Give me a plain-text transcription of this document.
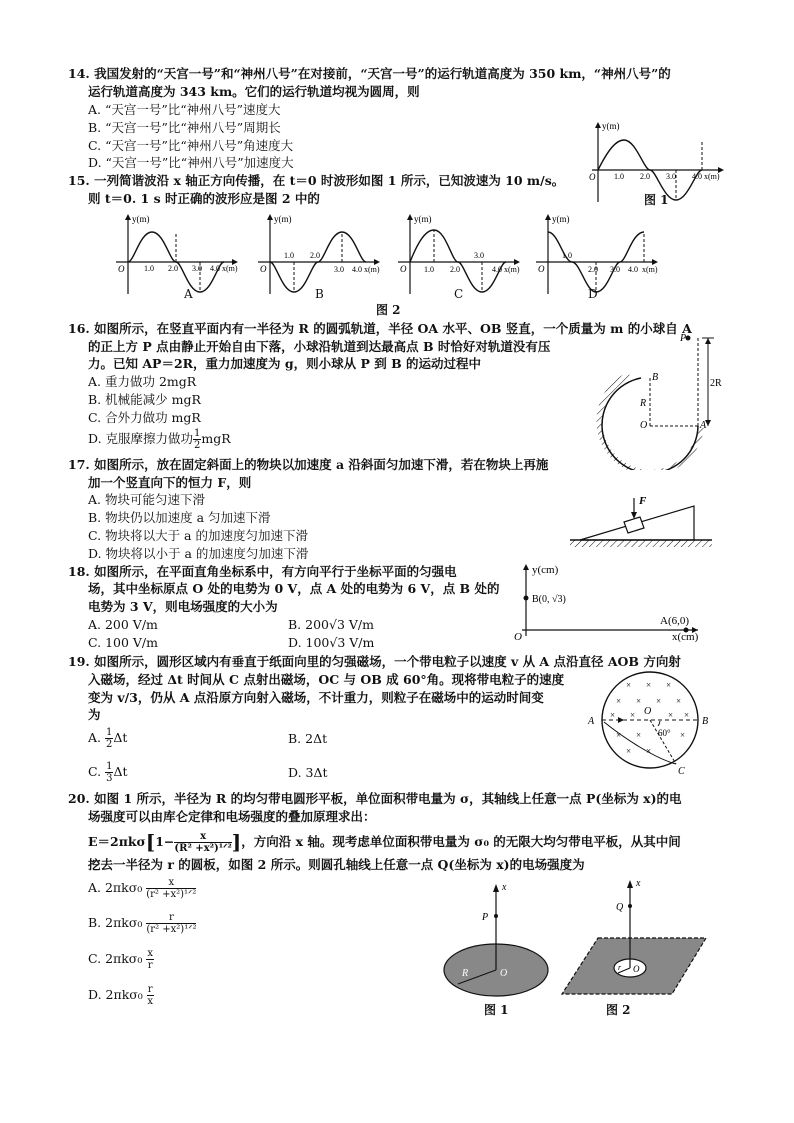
14. 我国发射的“天宫一号”和“神州八号”在对接前，“天宫一号”的运行轨道高度为 350 km，“神州八号”的
运行轨道高度为 343 km。它们的运行轨道均视为圆周，则
A. “天宫一号”比“神州八号”速度大
B. “天宫一号”比“神州八号”周期长
C. “天宫一号”比“神州八号”角速度大
D. “天宫一号”比“神州八号”加速度大
y(m)
O 1.0 2.0 3.0 4.0 x(m)
图 1
15. 一列简谐波沿 x 轴正方向传播，在 t＝0 时波形如图 1 所示，已知波速为 10 m/s。
则 t＝0. 1 s 时正确的波形应是图 2 中的
y(m)
O 1.0 2.0 3.0 4.0 x(m)
A
y(m)
O
1.0 2.0
3.0 4.0 x(m)
B
y(m)
O 1.0 2.0
3.0
4.0 x(m)
C
y(m)
O
1.0
2.0 3.0 4.0 x(m)
D
图 2
16. 如图所示，在竖直平面内有一半径为 R 的圆弧轨道，半径 OA 水平、OB 竖直，一个质量为 m 的小球自 A
的正上方 P 点由静止开始自由下落，小球沿轨道到达最高点 B 时恰好对轨道没有压
力。已知 AP＝2R，重力加速度为 g，则小球从 P 到 B 的运动过程中
A. 重力做功 2mgR
B. 机械能减少 mgR
C. 合外力做功 mgR
D. 克服摩擦力做功 $\frac{1}{2}$ mgR
P
B
R
O	A
2R
17. 如图所示，放在固定斜面上的物块以加速度 a 沿斜面匀加速下滑，若在物块上再施
加一个竖直向下的恒力 F，则
A. 物块可能匀速下滑
B. 物块仍以加速度 a 匀加速下滑
C. 物块将以大于 a 的加速度匀加速下滑
D. 物块将以小于 a 的加速度匀加速下滑
F
18. 如图所示，在平面直角坐标系中，有方向平行于坐标平面的匀强电
场，其中坐标原点 O 处的电势为 0 V，点 A 处的电势为 6 V，点 B 处的
电势为 3 V，则电场强度的大小为
A. 200 V/m	B. 200√3 V/m
C. 100 V/m	D. 100√3 V/m
y(cm)
B(0, √3)
A(6,0)
O	x(cm)
19. 如图所示，圆形区域内有垂直于纸面向里的匀强磁场，一个带电粒子以速度 v 从 A 点沿直径 AOB 方向射
入磁场，经过 Δt 时间从 C 点射出磁场，OC 与 OB 成 60°角。现将带电粒子的速度
变为 v/3，仍从 A 点沿原方向射入磁场，不计重力，则粒子在磁场中的运动时间变
为
A. $\frac{1}{2}$ Δt	B. 2Δt
C. $\frac{1}{3}$ Δt	D. 3Δt
× × ×
× × × ×
× ×	× ×
× ×	×
× ×
A	B
O
C
60°
20. 如图 1 所示，半径为 R 的均匀带电圆形平板，单位面积带电量为 σ，其轴线上任意一点 P(坐标为 x)的电
场强度可以由库仑定律和电场强度的叠加原理求出：
$E=2\pi k\sigma[1- \frac{x}{\text{(R² +x²)¹ᐟ²}}$ ]，方向沿 x 轴。现考虑单位面积带电量为 σ₀ 的无限大均匀带电平板，从其中间
挖去一半径为 r 的圆板，如图 2 所示。则圆孔轴线上任意一点 Q(坐标为 x)的电场强度为
A. $2\pi k\sigma_0 \frac{x}{\text{(r² +x²)¹ᐟ²}}$
B. $2\pi k\sigma_0 \frac{r}{\text{(r² +x²)¹ᐟ²}}$
C. $2\pi k\sigma_0 \frac{x}{r}$
D. $2\pi k\sigma_0 \frac{r}{x}$
x
P
R	O
图 1
x
Q
r O
图 2
